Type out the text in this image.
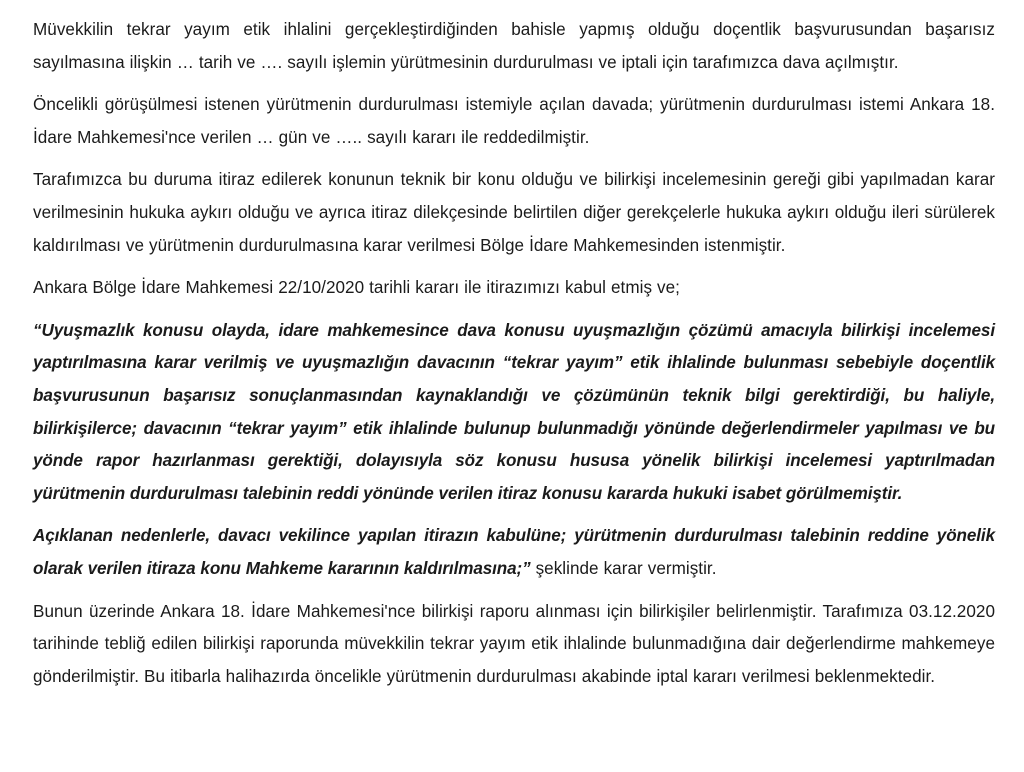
Müvekkilin tekrar yayım etik ihlalini gerçekleştirdiğinden bahisle yapmış olduğu doçentlik başvurusundan başarısız sayılmasına ilişkin … tarih ve …. sayılı işlemin yürütmesinin durdurulması ve iptali için tarafımızca dava açılmıştır.

Öncelikli görüşülmesi istenen yürütmenin durdurulması istemiyle açılan davada; yürütmenin durdurulması istemi Ankara 18. İdare Mahkemesi'nce verilen … gün ve ….. sayılı kararı ile reddedilmiştir.

Tarafımızca bu duruma itiraz edilerek konunun teknik bir konu olduğu ve bilirkişi incelemesinin gereği gibi yapılmadan karar verilmesinin hukuka aykırı olduğu ve ayrıca itiraz dilekçesinde belirtilen diğer gerekçelerle hukuka aykırı olduğu ileri sürülerek kaldırılması ve yürütmenin durdurulmasına karar verilmesi Bölge İdare Mahkemesinden istenmiştir.

Ankara Bölge İdare Mahkemesi 22/10/2020 tarihli kararı ile itirazımızı kabul etmiş ve;

“Uyuşmazlık konusu olayda, idare mahkemesince dava konusu uyuşmazlığın çözümü amacıyla bilirkişi incelemesi yaptırılmasına karar verilmiş ve uyuşmazlığın davacının “tekrar yayım” etik ihlalinde bulunması sebebiyle doçentlik başvurusunun başarısız sonuçlanmasından kaynaklandığı ve çözümünün teknik bilgi gerektirdiği, bu haliyle, bilirkişilerce; davacının “tekrar yayım” etik ihlalinde bulunup bulunmadığı yönünde değerlendirmeler yapılması ve bu yönde rapor hazırlanması gerektiği, dolayısıyla söz konusu hususa yönelik bilirkişi incelemesi yaptırılmadan yürütmenin durdurulması talebinin reddi yönünde verilen itiraz konusu kararda hukuki isabet görülmemiştir.

Açıklanan nedenlerle, davacı vekilince yapılan itirazın kabulüne; yürütmenin durdurulması talebinin reddine yönelik olarak verilen itiraza konu Mahkeme kararının kaldırılmasına;” şeklinde karar vermiştir.

Bunun üzerinde Ankara 18. İdare Mahkemesi'nce bilirkişi raporu alınması için bilirkişiler belirlenmiştir. Tarafımıza 03.12.2020 tarihinde tebliğ edilen bilirkişi raporunda müvekkilin tekrar yayım etik ihlalinde bulunmadığına dair değerlendirme mahkemeye gönderilmiştir. Bu itibarla halihazırda öncelikle yürütmenin durdurulması akabinde iptal kararı verilmesi beklenmektedir.
